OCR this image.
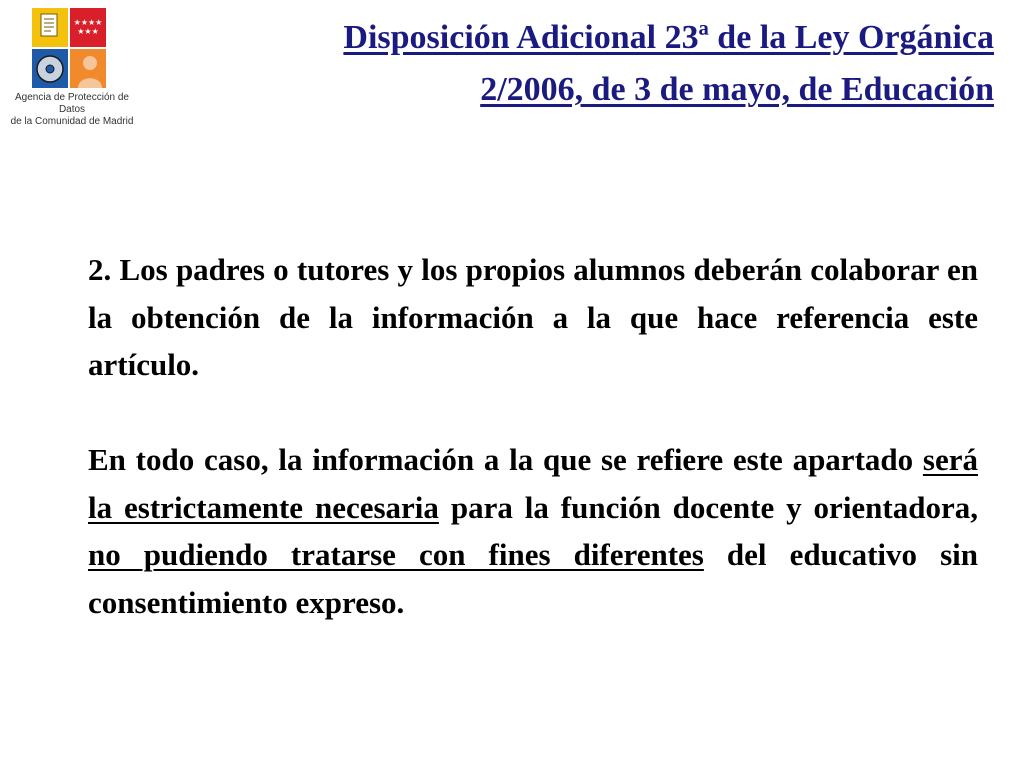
★★★★
★★★
Agencia de Protección de Datos
de la Comunidad de Madrid
Disposición Adicional 23ª de la Ley Orgánica 2/2006, de 3 de mayo, de Educación

2. Los padres o tutores y los propios alumnos deberán colaborar en la obtención de la información a la que hace referencia este artículo.

En todo caso, la información a la que se refiere este apartado será la estrictamente necesaria para la función docente y orientadora, no pudiendo tratarse con fines diferentes del educativo sin consentimiento expreso.
